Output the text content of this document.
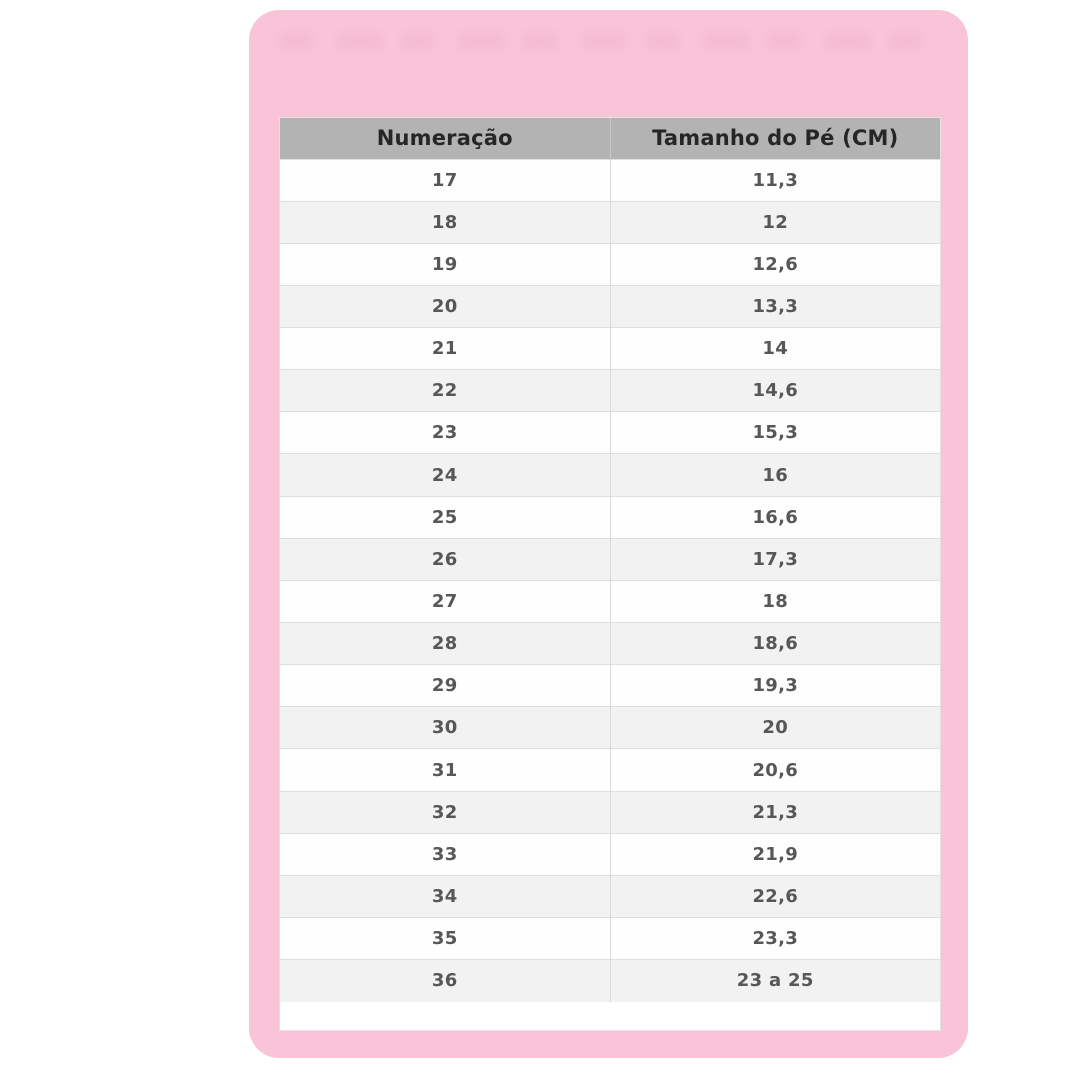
Numeração	Tamanho do Pé (CM)
17	11,3
18	12
19	12,6
20	13,3
21	14
22	14,6
23	15,3
24	16
25	16,6
26	17,3
27	18
28	18,6
29	19,3
30	20
31	20,6
32	21,3
33	21,9
34	22,6
35	23,3
36	23 a 25
